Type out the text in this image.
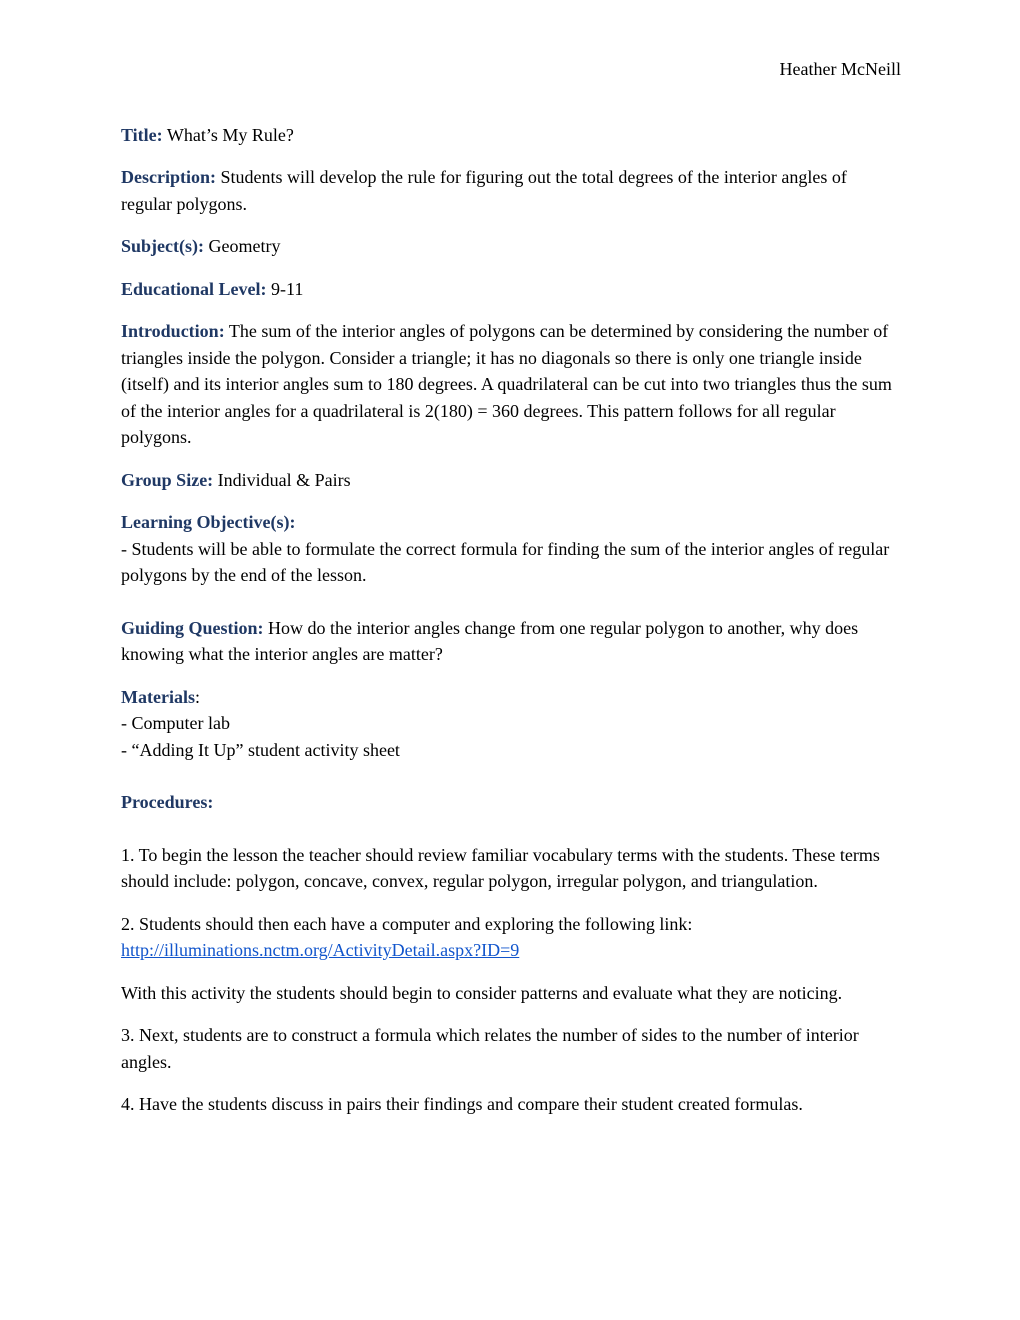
Heather McNeill

Title: What’s My Rule?

Description: Students will develop the rule for figuring out the total degrees of the interior angles of regular polygons.

Subject(s): Geometry

Educational Level: 9-11

Introduction: The sum of the interior angles of polygons can be determined by considering the number of triangles inside the polygon. Consider a triangle; it has no diagonals so there is only one triangle inside (itself) and its interior angles sum to 180 degrees. A quadrilateral can be cut into two triangles thus the sum of the interior angles for a quadrilateral is 2(180) = 360 degrees. This pattern follows for all regular polygons.

Group Size: Individual & Pairs

Learning Objective(s):
- Students will be able to formulate the correct formula for finding the sum of the interior angles of regular polygons by the end of the lesson.

Guiding Question: How do the interior angles change from one regular polygon to another, why does knowing what the interior angles are matter?

Materials:
- Computer lab
- “Adding It Up” student activity sheet

Procedures:

1. To begin the lesson the teacher should review familiar vocabulary terms with the students. These terms should include: polygon, concave, convex, regular polygon, irregular polygon, and triangulation.

2. Students should then each have a computer and exploring the following link:
http://illuminations.nctm.org/ActivityDetail.aspx?ID=9

With this activity the students should begin to consider patterns and evaluate what they are noticing.

3. Next, students are to construct a formula which relates the number of sides to the number of interior angles.

4. Have the students discuss in pairs their findings and compare their student created formulas.
